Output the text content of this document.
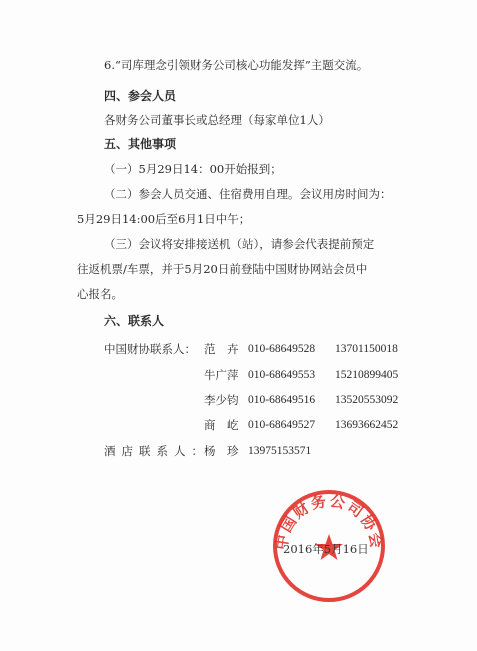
6.“司库理念引领财务公司核心功能发挥”主题交流。
四、参会人员
各财务公司董事长或总经理（每家单位1人）
五、其他事项
（一）5月29日14：00开始报到；
（二）参会人员交通、住宿费用自理。会议用房时间为：
5月29日14:00后至6月1日中午；
（三）会议将安排接送机（站），请参会代表提前预定
往返机票/车票，并于5月20日前登陆中国财协网站会员中
心报名。
六、联系人
中国财协联系人： 范　卉 010-68649528 13701150018
牛广萍 010-68649553 15210899405
李少钧 010-68649516 13520553092
商　屹 010-68649527 13693662452
酒店联系人：
杨　珍 13975153571
中国财务公司协会
2016年5月16日
